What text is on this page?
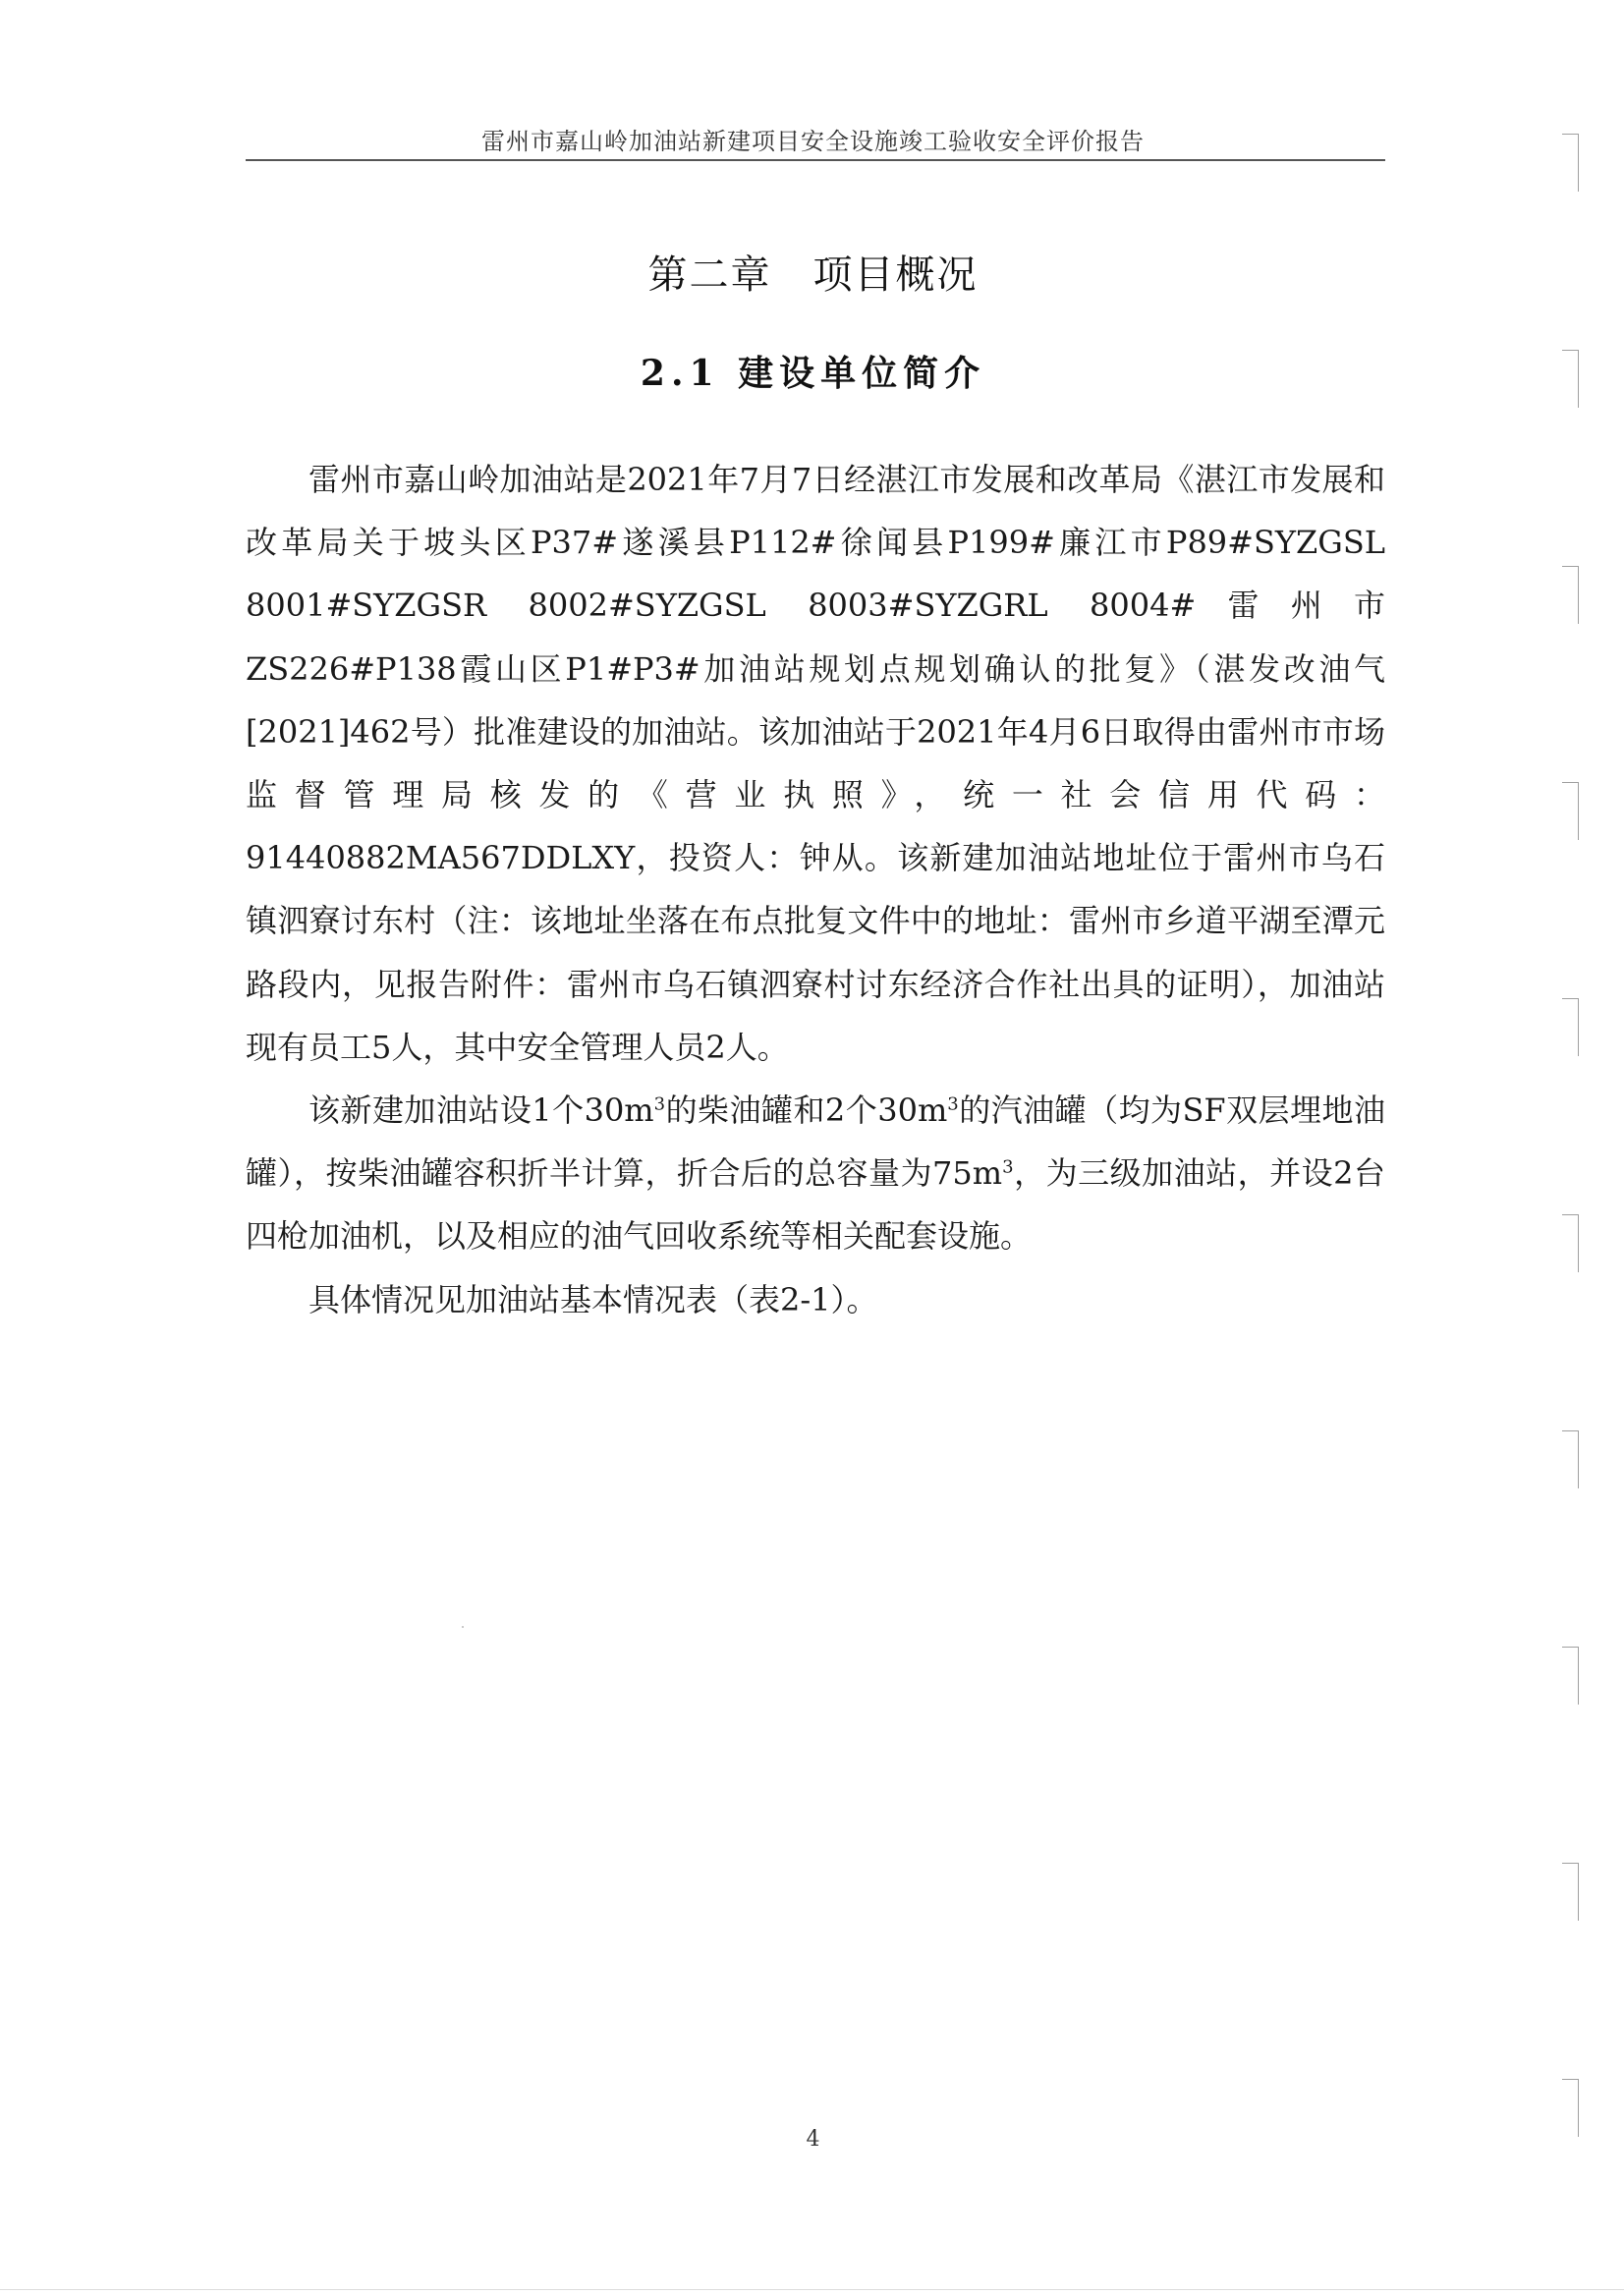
雷州市嘉山岭加油站新建项目安全设施竣工验收安全评价报告
第二章　项目概况
2.1 建设单位简介

雷州市嘉山岭加油站是2021年7月7日经湛江市发展和改革局《湛江市发展和改革局关于坡头区P37#遂溪县P112#徐闻县P199#廉江市P89#SYZGSL 8001#SYZGSR 8002#SYZGSL 8003#SYZGRL 8004#雷州市ZS226#P138霞山区P1#P3#加油站规划点规划确认的批复》（湛发改油气[2021]462号）批准建设的加油站。该加油站于2021年4月6日取得由雷州市市场监督管理局核发的《营业执照》，统一社会信用代码：91440882MA567DDLXY，投资人：钟从。该新建加油站地址位于雷州市乌石镇泗寮讨东村（注：该地址坐落在布点批复文件中的地址：雷州市乡道平湖至潭元路段内，见报告附件：雷州市乌石镇泗寮村讨东经济合作社出具的证明），加油站现有员工5人，其中安全管理人员2人。

该新建加油站设1个$30m^3$的柴油罐和2个$30m^3$的汽油罐（均为SF双层埋地油罐），按柴油罐容积折半计算，折合后的总容量为$75m^3$，为三级加油站，并设2台四枪加油机，以及相应的油气回收系统等相关配套设施。

具体情况见加油站基本情况表（表2-1）。

4
